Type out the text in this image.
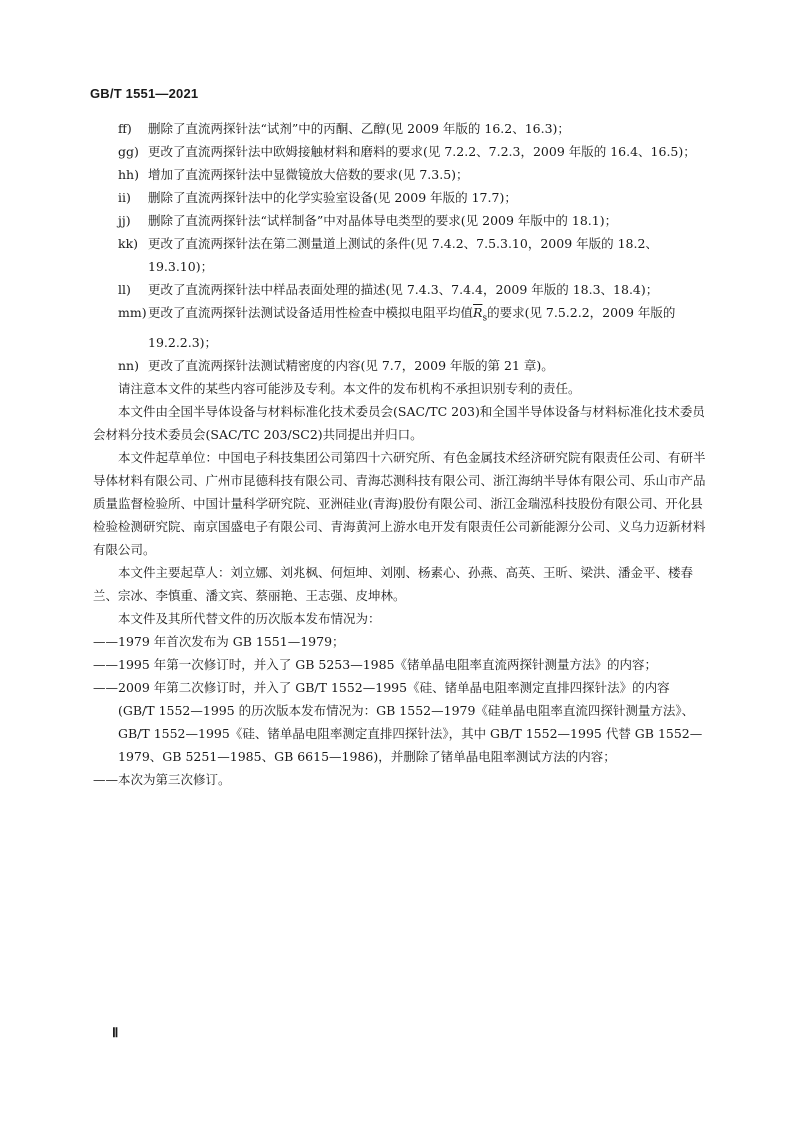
GB/T 1551—2021
ff) 删除了直流两探针法“试剂”中的丙酮、乙醇(见 2009 年版的 16.2、16.3)；
gg) 更改了直流两探针法中欧姆接触材料和磨料的要求(见 7.2.2、7.2.3，2009 年版的 16.4、16.5)；
hh) 增加了直流两探针法中显微镜放大倍数的要求(见 7.3.5)；
ii) 删除了直流两探针法中的化学实验室设备(见 2009 年版的 17.7)；
jj) 删除了直流两探针法“试样制备”中对晶体导电类型的要求(见 2009 年版中的 18.1)；
kk) 更改了直流两探针法在第二测量道上测试的条件(见 7.4.2、7.5.3.10，2009 年版的 18.2、19.3.10)；
ll) 更改了直流两探针法中样品表面处理的描述(见 7.4.3、7.4.4，2009 年版的 18.3、18.4)；
mm) 更改了直流两探针法测试设备适用性检查中模拟电阻平均值$\overline{R}_s$的要求(见 7.5.2.2，2009 年版的 19.2.2.3)；
nn) 更改了直流两探针法测试精密度的内容(见 7.7，2009 年版的第 21 章)。
请注意本文件的某些内容可能涉及专利。本文件的发布机构不承担识别专利的责任。
本文件由全国半导体设备与材料标准化技术委员会(SAC/TC 203)和全国半导体设备与材料标准化技术委员会材料分技术委员会(SAC/TC 203/SC2)共同提出并归口。
本文件起草单位：中国电子科技集团公司第四十六研究所、有色金属技术经济研究院有限责任公司、有研半导体材料有限公司、广州市昆德科技有限公司、青海芯测科技有限公司、浙江海纳半导体有限公司、乐山市产品质量监督检验所、中国计量科学研究院、亚洲硅业(青海)股份有限公司、浙江金瑞泓科技股份有限公司、开化县检验检测研究院、南京国盛电子有限公司、青海黄河上游水电开发有限责任公司新能源分公司、义乌力迈新材料有限公司。
本文件主要起草人：刘立娜、刘兆枫、何烜坤、刘刚、杨素心、孙燕、高英、王昕、梁洪、潘金平、楼春兰、宗冰、李慎重、潘文宾、蔡丽艳、王志强、皮坤林。
本文件及其所代替文件的历次版本发布情况为：
—— 1979 年首次发布为 GB 1551—1979；
—— 1995 年第一次修订时，并入了 GB 5253—1985《锗单晶电阻率直流两探针测量方法》的内容；
—— 2009 年第二次修订时，并入了 GB/T 1552—1995《硅、锗单晶电阻率测定直排四探针法》的内容(GB/T 1552—1995 的历次版本发布情况为：GB 1552—1979《硅单晶电阻率直流四探针测量方法》、GB/T 1552—1995《硅、锗单晶电阻率测定直排四探针法》，其中 GB/T 1552—1995 代替 GB 1552—1979、GB 5251—1985、GB 6615—1986)，并删除了锗单晶电阻率测试方法的内容；
—— 本次为第三次修订。
Ⅱ
